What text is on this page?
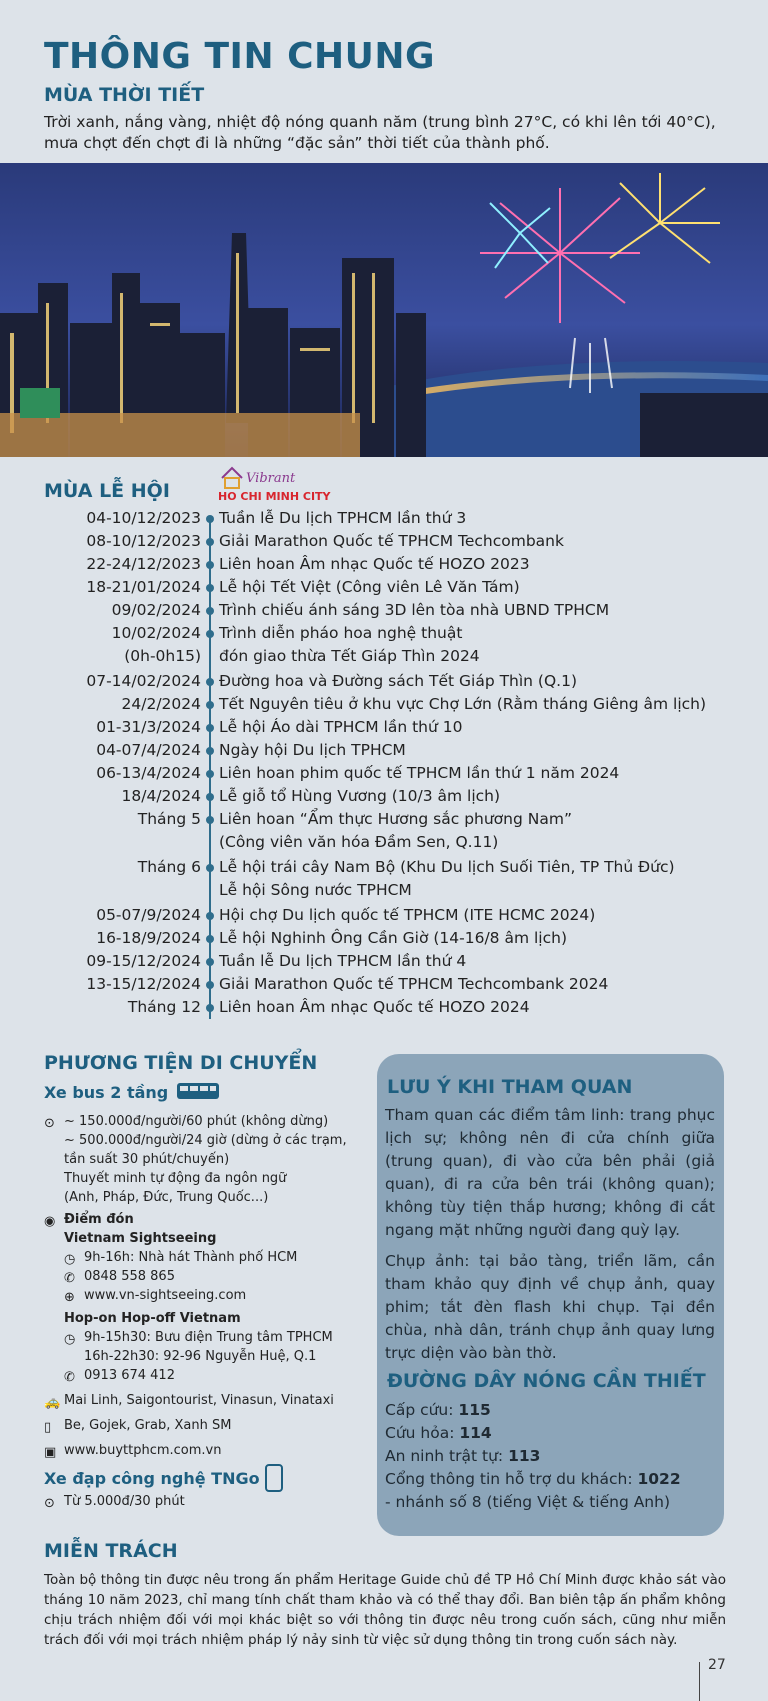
THÔNG TIN CHUNG
MÙA THỜI TIẾT

Trời xanh, nắng vàng, nhiệt độ nóng quanh năm (trung bình 27°C, có khi lên tới 40°C), mưa chợt đến chợt đi là những “đặc sản” thời tiết của thành phố.

MÙA LỄ HỘI
Vibrant
HO CHI MINH CITY
04-10/12/2023 Tuần lễ Du lịch TPHCM lần thứ 3
08-10/12/2023 Giải Marathon Quốc tế TPHCM Techcombank
22-24/12/2023 Liên hoan Âm nhạc Quốc tế HOZO 2023
18-21/01/2024 Lễ hội Tết Việt (Công viên Lê Văn Tám)
09/02/2024 Trình chiếu ánh sáng 3D lên tòa nhà UBND TPHCM
10/02/2024 Trình diễn pháo hoa nghệ thuật
(0h-0h15) đón giao thừa Tết Giáp Thìn 2024
07-14/02/2024 Đường hoa và Đường sách Tết Giáp Thìn (Q.1)
24/2/2024 Tết Nguyên tiêu ở khu vực Chợ Lớn (Rằm tháng Giêng âm lịch)
01-31/3/2024 Lễ hội Áo dài TPHCM lần thứ 10
04-07/4/2024 Ngày hội Du lịch TPHCM
06-13/4/2024 Liên hoan phim quốc tế TPHCM lần thứ 1 năm 2024
18/4/2024 Lễ giỗ tổ Hùng Vương (10/3 âm lịch)
Tháng 5 Liên hoan “Ẩm thực Hương sắc phương Nam”
(Công viên văn hóa Đầm Sen, Q.11)
Tháng 6 Lễ hội trái cây Nam Bộ (Khu Du lịch Suối Tiên, TP Thủ Đức)
Lễ hội Sông nước TPHCM
05-07/9/2024 Hội chợ Du lịch quốc tế TPHCM (ITE HCMC 2024)
16-18/9/2024 Lễ hội Nghinh Ông Cần Giờ (14-16/8 âm lịch)
09-15/12/2024 Tuần lễ Du lịch TPHCM lần thứ 4
13-15/12/2024 Giải Marathon Quốc tế TPHCM Techcombank 2024
Tháng 12 Liên hoan Âm nhạc Quốc tế HOZO 2024
PHƯƠNG TIỆN DI CHUYỂN
Xe bus 2 tầng
⊙ ~ 150.000đ/người/60 phút (không dừng)
~ 500.000đ/người/24 giờ (dừng ở các trạm,
tần suất 30 phút/chuyến)
Thuyết minh tự động đa ngôn ngữ
(Anh, Pháp, Đức, Trung Quốc...)
◉ Điểm đón
Vietnam Sightseeing
◷ 9h-16h: Nhà hát Thành phố HCM
✆ 0848 558 865
⊕ www.vn-sightseeing.com
Hop-on Hop-off Vietnam
◷ 9h-15h30: Bưu điện Trung tâm TPHCM
16h-22h30: 92-96 Nguyễn Huệ, Q.1
✆ 0913 674 412
🚕 Mai Linh, Saigontourist, Vinasun, Vinataxi
▯ Be, Gojek, Grab, Xanh SM
▣ www.buyttphcm.com.vn
Xe đạp công nghệ TNGo
⊙ Từ 5.000đ/30 phút
LƯU Ý KHI THAM QUAN

Tham quan các điểm tâm linh: trang phục lịch sự; không nên đi cửa chính giữa (trung quan), đi vào cửa bên phải (giả quan), đi ra cửa bên trái (không quan); không tùy tiện thắp hương; không đi cắt ngang mặt những người đang quỳ lạy.

Chụp ảnh: tại bảo tàng, triển lãm, cần tham khảo quy định về chụp ảnh, quay phim; tắt đèn flash khi chụp. Tại đền chùa, nhà dân, tránh chụp ảnh quay lưng trực diện vào bàn thờ.

ĐƯỜNG DÂY NÓNG CẦN THIẾT

Cấp cứu: 115

Cứu hỏa: 114

An ninh trật tự: 113

Cổng thông tin hỗ trợ du khách: 1022

- nhánh số 8 (tiếng Việt & tiếng Anh)

MIỄN TRÁCH

Toàn bộ thông tin được nêu trong ấn phẩm Heritage Guide chủ đề TP Hồ Chí Minh được khảo sát vào tháng 10 năm 2023, chỉ mang tính chất tham khảo và có thể thay đổi. Ban biên tập ấn phẩm không chịu trách nhiệm đối với mọi khác biệt so với thông tin được nêu trong cuốn sách, cũng như miễn trách đối với mọi trách nhiệm pháp lý nảy sinh từ việc sử dụng thông tin trong cuốn sách này.

27
